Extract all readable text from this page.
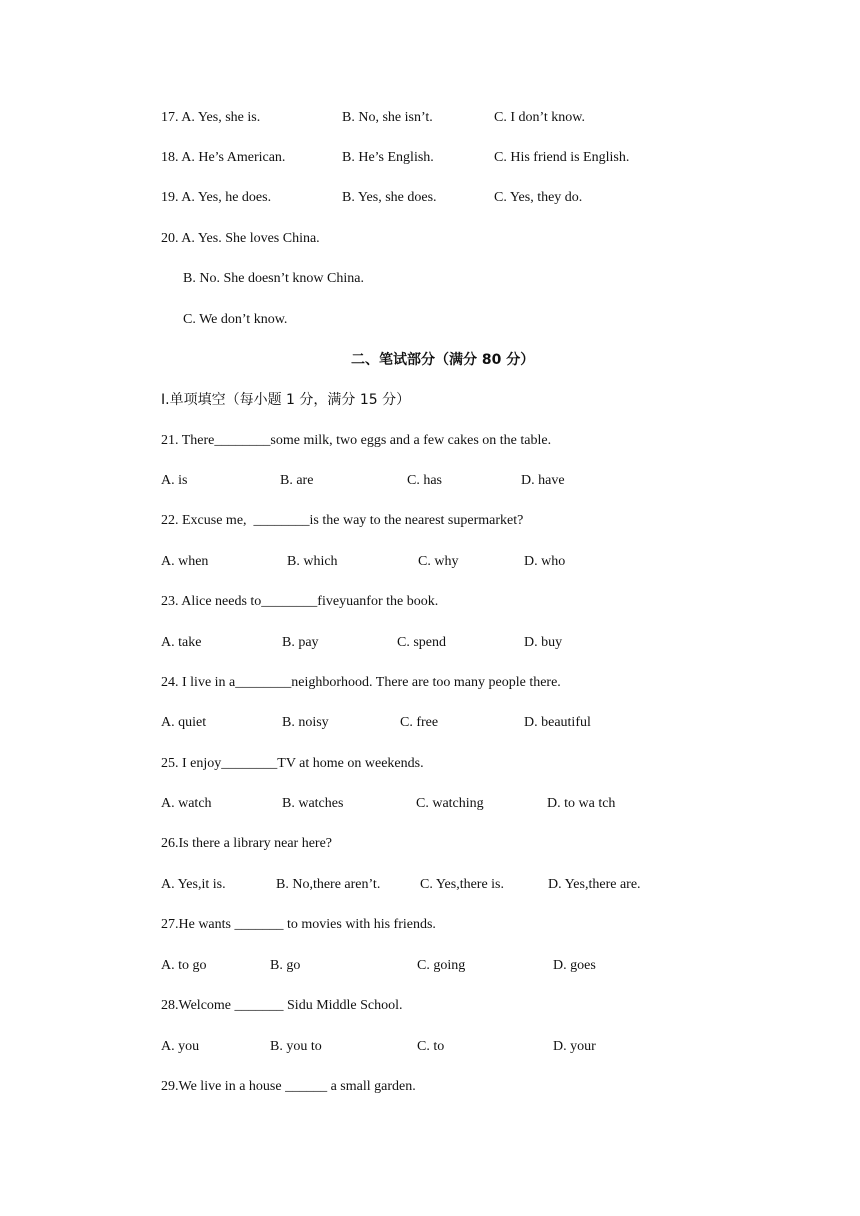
17. A. Yes, she is.	B. No, she isn’t.	C. I don’t know.
18. A. He’s American.	B. He’s English.	C. His friend is English.
19. A. Yes, he does.	B. Yes, she does.	C. Yes, they do.
20. A. Yes. She loves China.
B. No. She doesn’t know China.
C. We don’t know.
二、笔试部分（满分 80 分）
Ⅰ.单项填空（每小题 1 分，满分 15 分）
21. There________some milk, two eggs and a few cakes on the table.
A. is	B. are	C. has	D. have
22. Excuse me,  ________is the way to the nearest supermarket?
A. when	B. which	C. why	D. who
23. Alice needs to________fiveyuanfor the book.
A. take	B. pay	C. spend	D. buy
24. I live in a________neighborhood. There are too many people there.
A. quiet	B. noisy	C. free	D. beautiful
25. I enjoy________TV at home on weekends.
A. watch	B. watches	C. watching	D. to wa tch
26.Is there a library near here?
A. Yes,it is.	B. No,there aren’t.	C. Yes,there is.	D. Yes,there are.
27.He wants _______ to movies with his friends.
A. to go	B. go	C. going	D. goes
28.Welcome _______ Sidu Middle School.
A. you	B. you to	C. to	D. your
29.We live in a house ______ a small garden.
